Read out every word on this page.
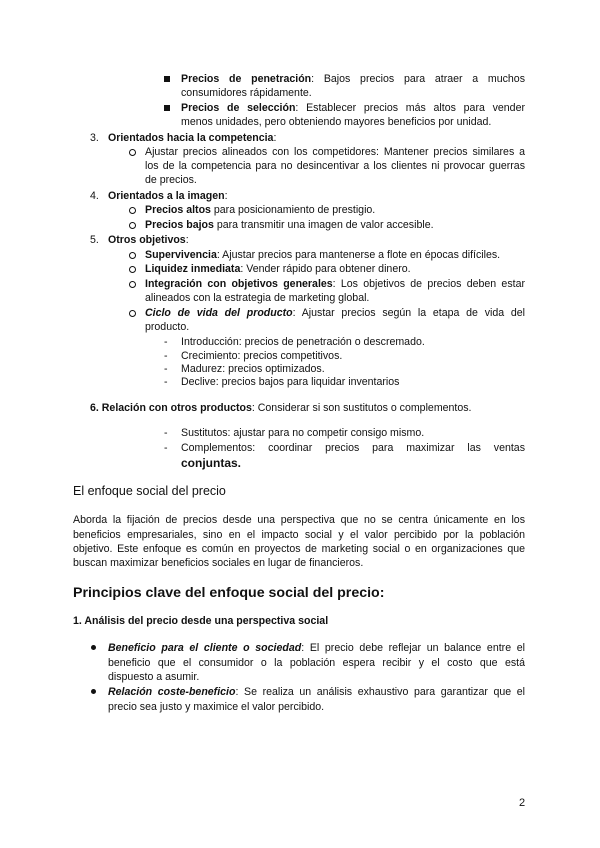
Precios de penetración: Bajos precios para atraer a muchos
consumidores rápidamente.
Precios de selección: Establecer precios más altos para vender
menos unidades, pero obteniendo mayores beneficios por unidad.
3. Orientados hacia la competencia:
Ajustar precios alineados con los competidores: Mantener precios similares a
los de la competencia para no desincentivar a los clientes ni provocar guerras
de precios.
4. Orientados a la imagen:
Precios altos para posicionamiento de prestigio.
Precios bajos para transmitir una imagen de valor accesible.
5. Otros objetivos:
Supervivencia: Ajustar precios para mantenerse a flote en épocas difíciles.
Liquidez inmediata: Vender rápido para obtener dinero.
Integración con objetivos generales: Los objetivos de precios deben estar
alineados con la estrategia de marketing global.
Ciclo de vida del producto: Ajustar precios según la etapa de vida del
producto.
- Introducción: precios de penetración o descremado.
- Crecimiento: precios competitivos.
- Madurez: precios optimizados.
- Declive: precios bajos para liquidar inventarios
6. Relación con otros productos: Considerar si son sustitutos o complementos.
- Sustitutos: ajustar para no competir consigo mismo.
- Complementos: coordinar precios para maximizar las ventas
conjuntas.
El enfoque social del precio
Aborda la fijación de precios desde una perspectiva que no se centra únicamente en los
beneficios empresariales, sino en el impacto social y el valor percibido por la población
objetivo. Este enfoque es común en proyectos de marketing social o en organizaciones que
buscan maximizar beneficios sociales en lugar de financieros.
Principios clave del enfoque social del precio:
1. Análisis del precio desde una perspectiva social
Beneficio para el cliente o sociedad: El precio debe reflejar un balance entre el
beneficio que el consumidor o la población espera recibir y el costo que está
dispuesto a asumir.
Relación coste-beneficio: Se realiza un análisis exhaustivo para garantizar que el
precio sea justo y maximice el valor percibido.
2
